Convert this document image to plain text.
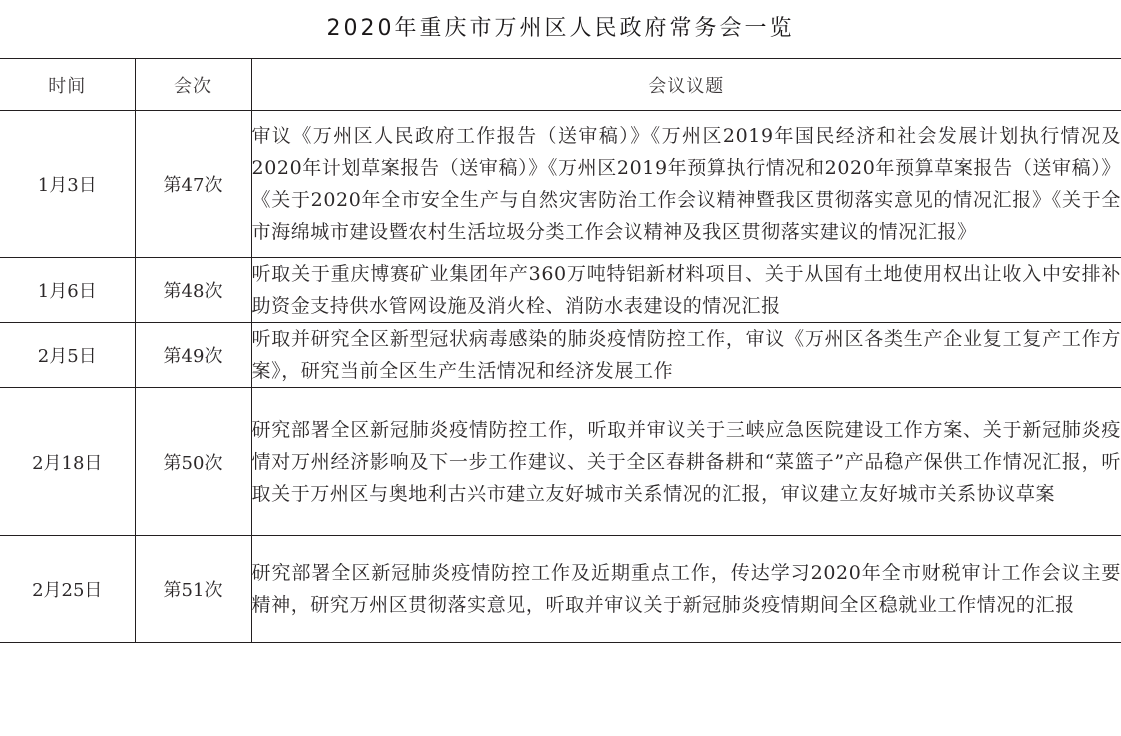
2020年重庆市万州区人民政府常务会一览
时间	会次	会议议题
1月3日	第47次	审议《万州区人民政府工作报告（送审稿）》《万州区2019年国民经济和社会发展计划执行情况及2020年计划草案报告（送审稿）》《万州区2019年预算执行情况和2020年预算草案报告（送审稿）》《关于2020年全市安全生产与自然灾害防治工作会议精神暨我区贯彻落实意见的情况汇报》《关于全市海绵城市建设暨农村生活垃圾分类工作会议精神及我区贯彻落实建议的情况汇报》
1月6日	第48次	听取关于重庆博赛矿业集团年产360万吨特铝新材料项目、关于从国有土地使用权出让收入中安排补助资金支持供水管网设施及消火栓、消防水表建设的情况汇报
2月5日	第49次	听取并研究全区新型冠状病毒感染的肺炎疫情防控工作，审议《万州区各类生产企业复工复产工作方案》，研究当前全区生产生活情况和经济发展工作
2月18日	第50次	研究部署全区新冠肺炎疫情防控工作，听取并审议关于三峡应急医院建设工作方案、关于新冠肺炎疫情对万州经济影响及下一步工作建议、关于全区春耕备耕和“菜篮子”产品稳产保供工作情况汇报，听取关于万州区与奥地利古兴市建立友好城市关系情况的汇报，审议建立友好城市关系协议草案
2月25日	第51次	研究部署全区新冠肺炎疫情防控工作及近期重点工作，传达学习2020年全市财税审计工作会议主要精神，研究万州区贯彻落实意见，听取并审议关于新冠肺炎疫情期间全区稳就业工作情况的汇报
